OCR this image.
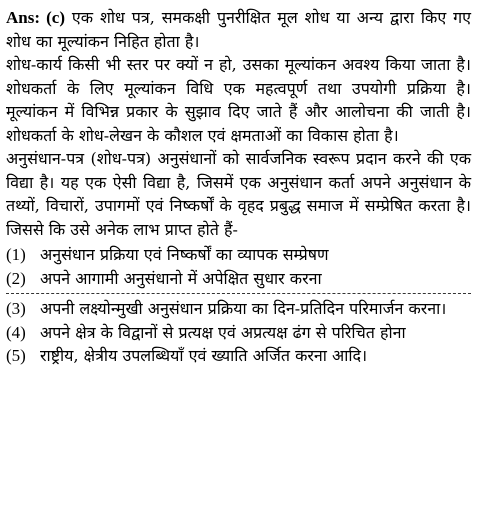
Ans: (c) एक शोध पत्र, समकक्षी पुनरीक्षित मूल शोध या अन्य द्वारा किए गए शोध का मूल्यांकन निहित होता है।

शोध-कार्य किसी भी स्तर पर क्यों न हो, उसका मूल्यांकन अवश्य किया जाता है। शोधकर्ता के लिए मूल्यांकन विधि एक महत्वपूर्ण तथा उपयोगी प्रक्रिया है। मूल्यांकन में विभिन्न प्रकार के सुझाव दिए जाते हैं और आलोचना की जाती है। शोधकर्ता के शोध-लेखन के कौशल एवं क्षमताओं का विकास होता है।

अनुसंधान-पत्र (शोध-पत्र) अनुसंधानों को सार्वजनिक स्वरूप प्रदान करने की एक विद्या है। यह एक ऐसी विद्या है, जिसमें एक अनुसंधान कर्ता अपने अनुसंधान के तथ्यों, विचारों, उपागमों एवं निष्कर्षों के वृहद प्रबुद्ध समाज में सम्प्रेषित करता है। जिससे कि उसे अनेक लाभ प्राप्त होते हैं-

(1) अनुसंधान प्रक्रिया एवं निष्कर्षों का व्यापक सम्प्रेषण
(2) अपने आगामी अनुसंधानो में अपेक्षित सुधार करना
(3) अपनी लक्ष्योन्मुखी अनुसंधान प्रक्रिया का दिन-प्रतिदिन परिमार्जन करना।
(4) अपने क्षेत्र के विद्वानों से प्रत्यक्ष एवं अप्रत्यक्ष ढंग से परिचित होना
(5) राष्ट्रीय, क्षेत्रीय उपलब्धियाँ एवं ख्याति अर्जित करना आदि।
